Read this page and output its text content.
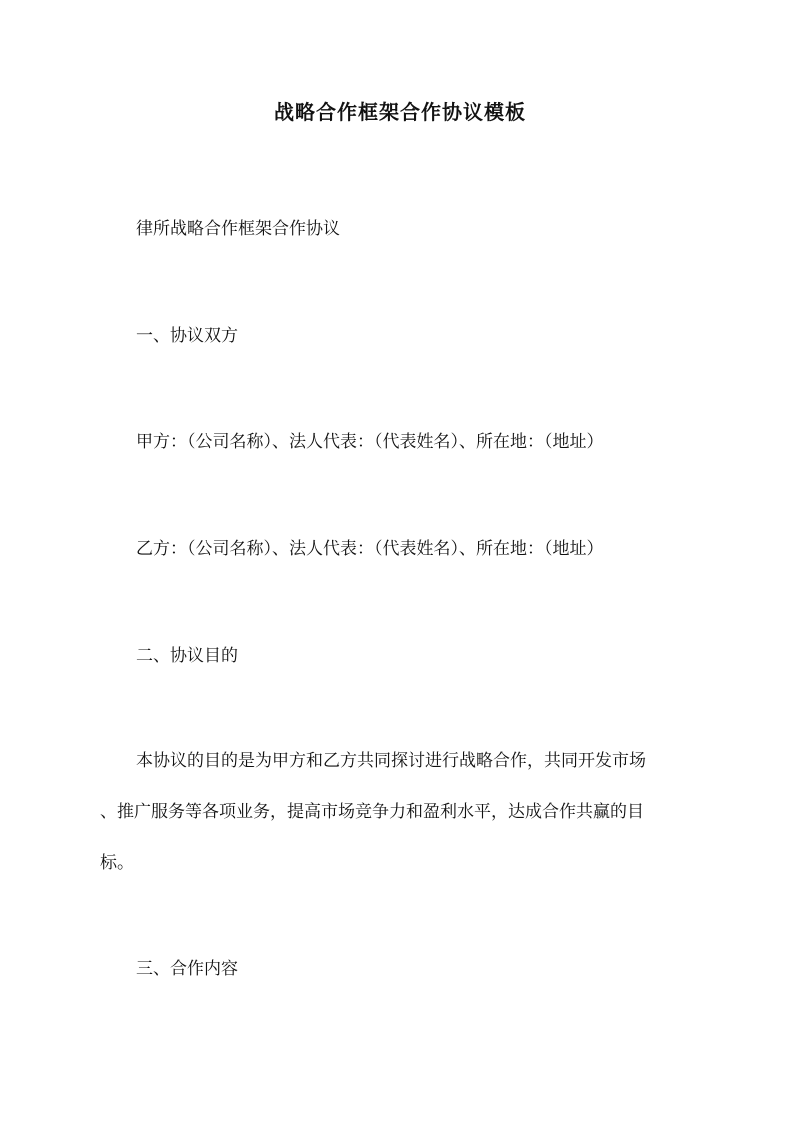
战略合作框架合作协议模板
律所战略合作框架合作协议
一、协议双方
甲方：（公司名称）、法人代表：（代表姓名）、所在地：（地址）
乙方：（公司名称）、法人代表：（代表姓名）、所在地：（地址）
二、协议目的
本协议的目的是为甲方和乙方共同探讨进行战略合作，共同开发市场
、推广服务等各项业务，提高市场竞争力和盈利水平，达成合作共赢的目
标。
三、合作内容
